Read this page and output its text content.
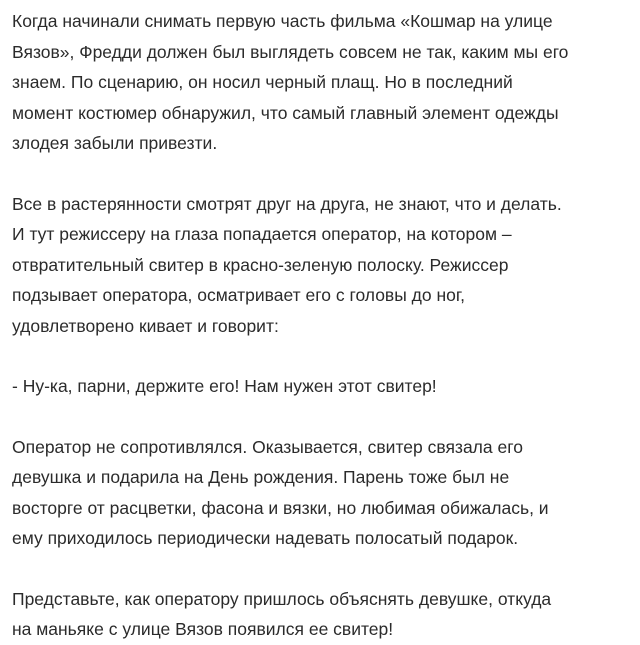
Когда начинали снимать первую часть фильма «Кошмар на улице
Вязов», Фредди должен был выглядеть совсем не так, каким мы его
знаем. По сценарию, он носил черный плащ. Но в последний
момент костюмер обнаружил, что самый главный элемент одежды
злодея забыли привезти.
Все в растерянности смотрят друг на друга, не знают, что и делать.
И тут режиссеру на глаза попадается оператор, на котором –
отвратительный свитер в красно-зеленую полоску. Режиссер
подзывает оператора, осматривает его с головы до ног,
удовлетворено кивает и говорит:
- Ну-ка, парни, держите его! Нам нужен этот свитер!
Оператор не сопротивлялся. Оказывается, свитер связала его
девушка и подарила на День рождения. Парень тоже был не
восторге от расцветки, фасона и вязки, но любимая обижалась, и
ему приходилось периодически надевать полосатый подарок.
Представьте, как оператору пришлось объяснять девушке, откуда
на маньяке с улице Вязов появился ее свитер!
